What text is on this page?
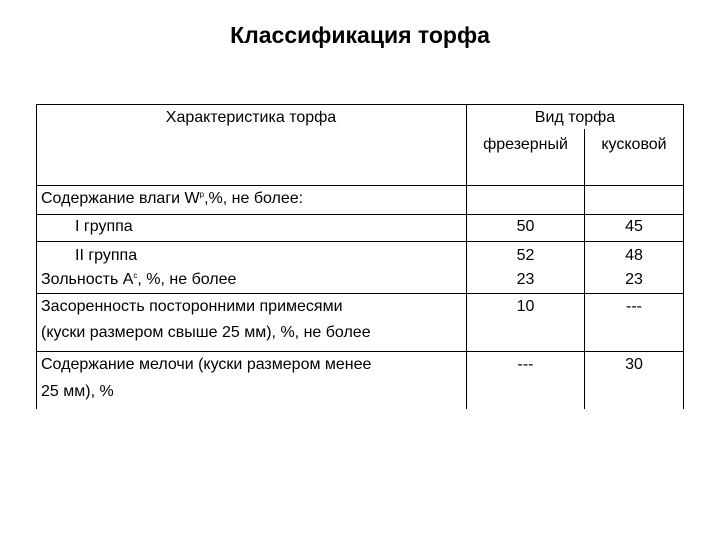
Классификация торфа
Характеристика торфа	Вид торфа
фрезерный	кусковой
Содержание влаги $W^р,\%$, не более:
I группа	50	45
II группа	52	48
Зольность $A^с$, %, не более	23	23
Засоренность посторонними примесями
(куски размером свыше 25 мм), %, не более
10	---
Содержание мелочи (куски размером менее
25 мм), %
---	30
